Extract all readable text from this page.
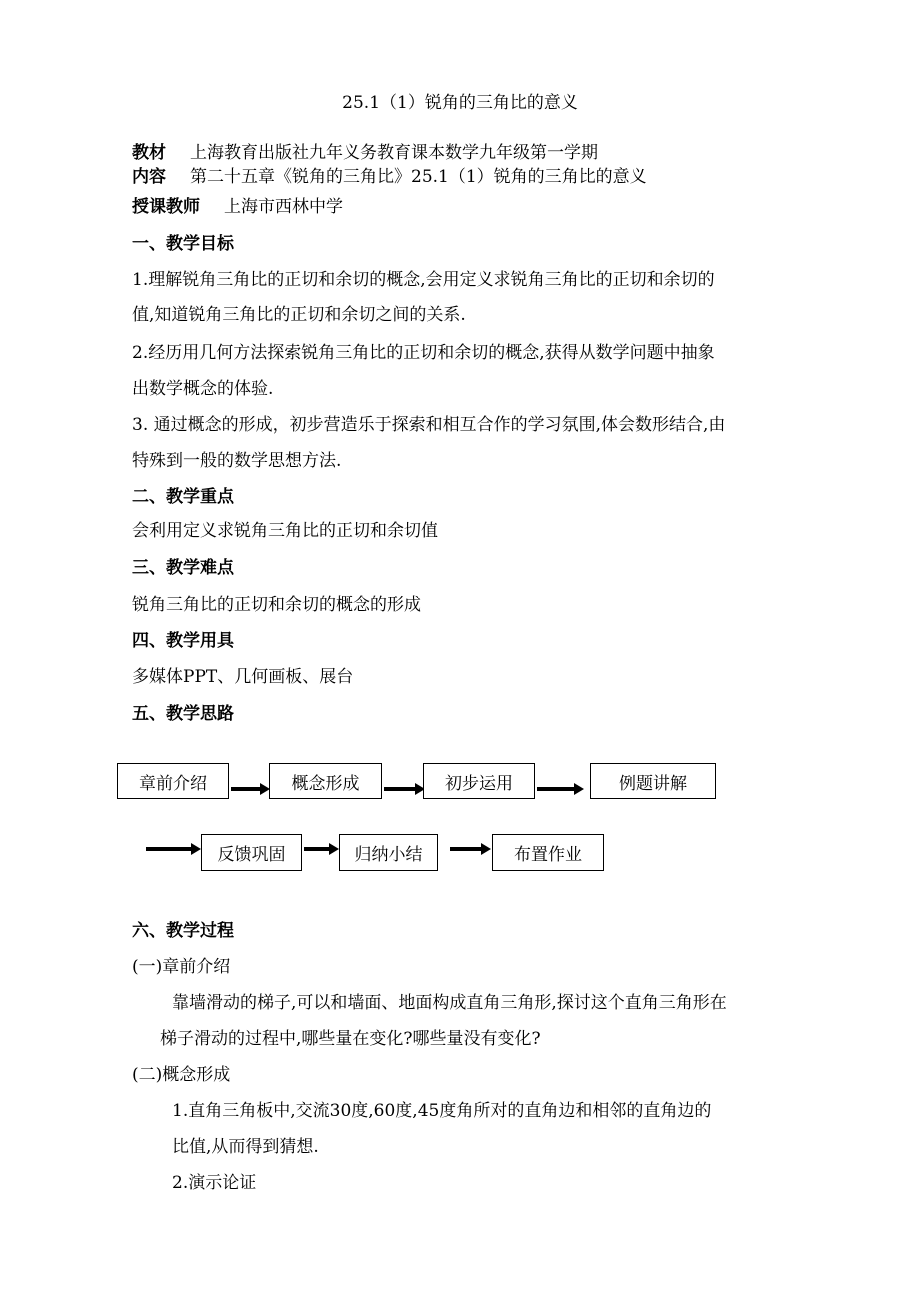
25.1（1）锐角的三角比的意义
教材 上海教育出版社九年义务教育课本数学九年级第一学期
内容 第二十五章《锐角的三角比》25.1（1）锐角的三角比的意义
授课教师 上海市西林中学
一、教学目标
1.理解锐角三角比的正切和余切的概念,会用定义求锐角三角比的正切和余切的
值,知道锐角三角比的正切和余切之间的关系.
2.经历用几何方法探索锐角三角比的正切和余切的概念,获得从数学问题中抽象
出数学概念的体验.
3. 通过概念的形成，初步营造乐于探索和相互合作的学习氛围,体会数形结合,由
特殊到一般的数学思想方法.
二、教学重点
会利用定义求锐角三角比的正切和余切值
三、教学难点
锐角三角比的正切和余切的概念的形成
四、教学用具
多媒体PPT、几何画板、展台
五、教学思路
章前介绍	概念形成	初步运用	例题讲解
反馈巩固	归纳小结	布置作业
六、教学过程
(一)章前介绍
靠墙滑动的梯子,可以和墙面、地面构成直角三角形,探讨这个直角三角形在
梯子滑动的过程中,哪些量在变化?哪些量没有变化?
(二)概念形成
1.直角三角板中,交流30度,60度,45度角所对的直角边和相邻的直角边的
比值,从而得到猜想.
2.演示论证
